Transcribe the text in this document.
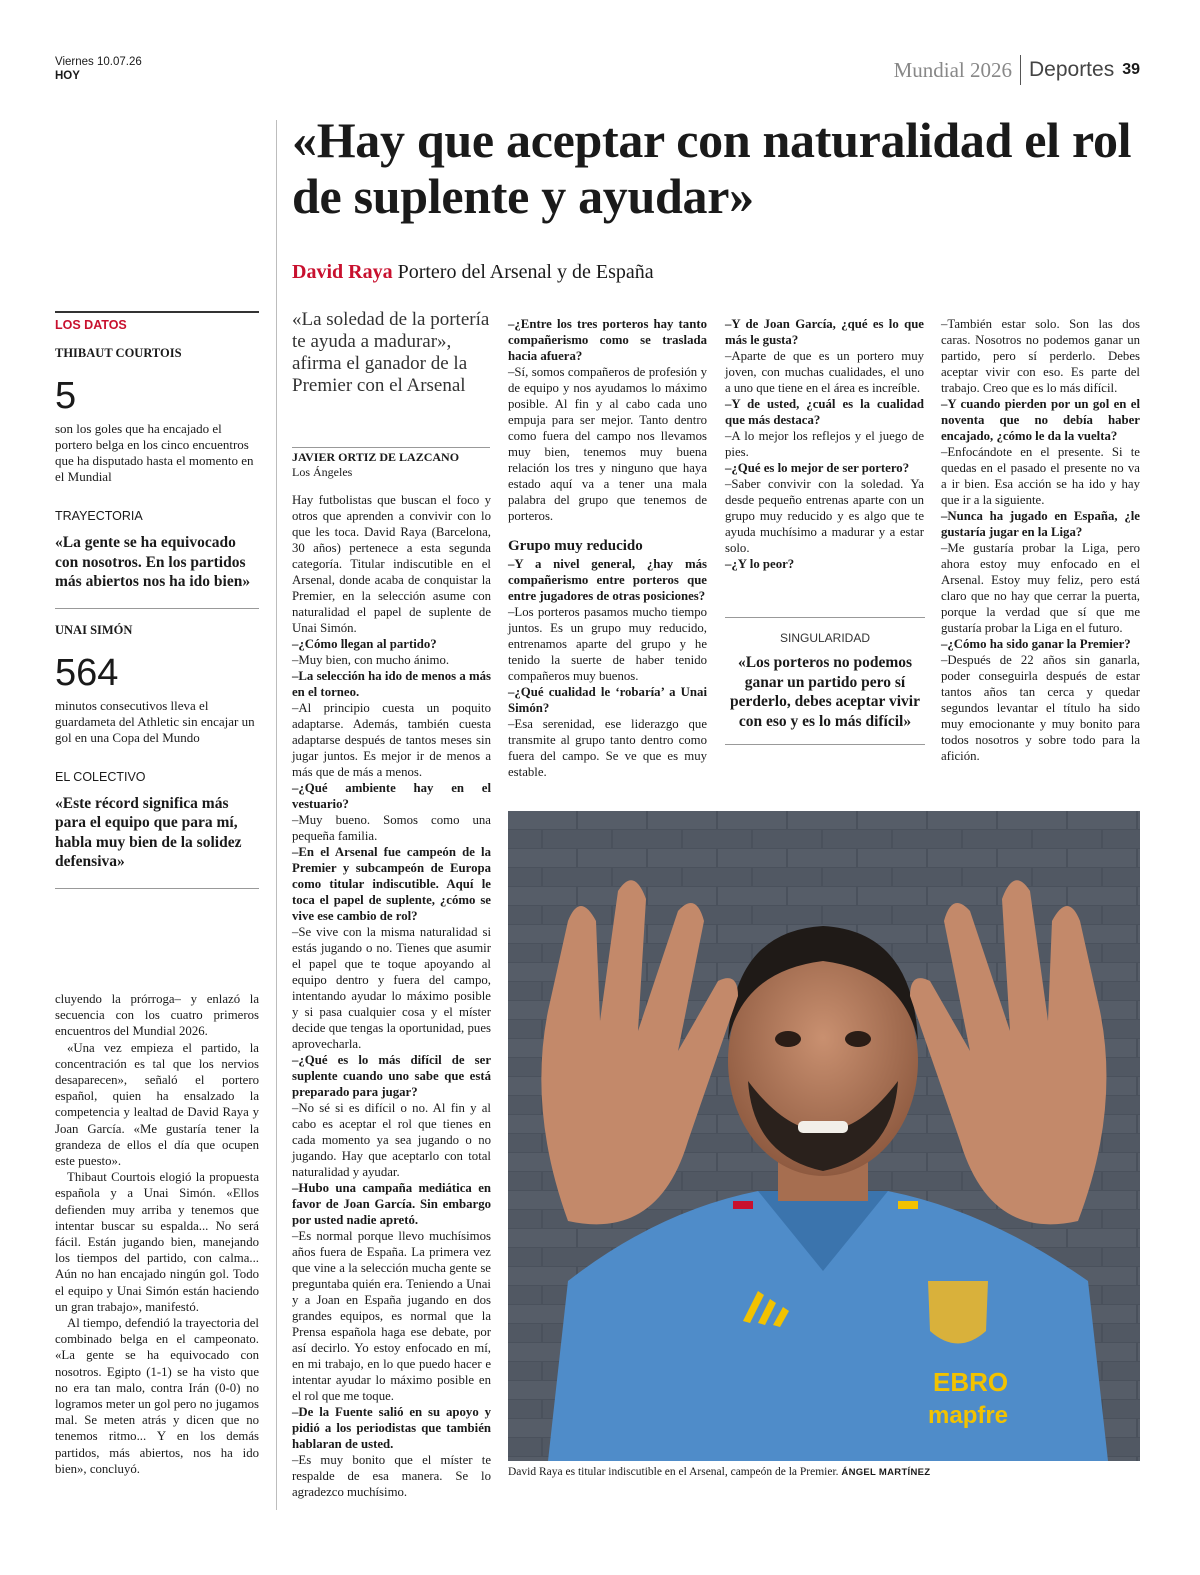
Viernes 10.07.26
HOY	Mundial 2026 Deportes 39
«Hay que aceptar con naturalidad el rol de suplente y ayudar»
David Raya Portero del Arsenal y de España
LOS DATOS
THIBAUT COURTOIS
5
son los goles que ha encajado el portero belga en los cinco encuentros que ha disputado hasta el momento en el Mundial
TRAYECTORIA
«La gente se ha equivocado con nosotros. En los partidos más abiertos nos ha ido bien»
UNAI SIMÓN
564
minutos consecutivos lleva el guardameta del Athletic sin encajar un gol en una Copa del Mundo
EL COLECTIVO
«Este récord significa más para el equipo que para mí, habla muy bien de la solidez defensiva»

cluyendo la prórroga– y enlazó la secuencia con los cuatro primeros encuentros del Mundial 2026.

«Una vez empieza el partido, la concentración es tal que los nervios desaparecen», señaló el portero español, quien ha ensalzado la competencia y lealtad de David Raya y Joan García. «Me gustaría tener la grandeza de ellos el día que ocupen este puesto».

Thibaut Courtois elogió la propuesta española y a Unai Simón. «Ellos defienden muy arriba y tenemos que intentar buscar su espalda... No será fácil. Están jugando bien, manejando los tiempos del partido, con calma... Aún no han encajado ningún gol. Todo el equipo y Unai Simón están haciendo un gran trabajo», manifestó.

Al tiempo, defendió la trayectoria del combinado belga en el campeonato. «La gente se ha equivocado con nosotros. Egipto (1-1) se ha visto que no era tan malo, contra Irán (0-0) no logramos meter un gol pero no jugamos mal. Se meten atrás y dicen que no tenemos ritmo... Y en los demás partidos, más abiertos, nos ha ido bien», concluyó.

«La soledad de la portería te ayuda a madurar», afirma el ganador de la Premier con el Arsenal
JAVIER ORTIZ DE LAZCANO
Los Ángeles

Hay futbolistas que buscan el foco y otros que aprenden a convivir con lo que les toca. David Raya (Barcelona, 30 años) pertenece a esta segunda categoría. Titular indiscutible en el Arsenal, donde acaba de conquistar la Premier, en la selección asume con naturalidad el papel de suplente de Unai Simón.

–¿Cómo llegan al partido?

–Muy bien, con mucho ánimo.

–La selección ha ido de menos a más en el torneo.

–Al principio cuesta un poquito adaptarse. Además, también cuesta adaptarse después de tantos meses sin jugar juntos. Es mejor ir de menos a más que de más a menos.

–¿Qué ambiente hay en el vestuario?

–Muy bueno. Somos como una pequeña familia.

–En el Arsenal fue campeón de la Premier y subcampeón de Europa como titular indiscutible. Aquí le toca el papel de suplente, ¿cómo se vive ese cambio de rol?

–Se vive con la misma naturalidad si estás jugando o no. Tienes que asumir el papel que te toque apoyando al equipo dentro y fuera del campo, intentando ayudar lo máximo posible y si pasa cualquier cosa y el míster decide que tengas la oportunidad, pues aprovecharla.

–¿Qué es lo más difícil de ser suplente cuando uno sabe que está preparado para jugar?

–No sé si es difícil o no. Al fin y al cabo es aceptar el rol que tienes en cada momento ya sea jugando o no jugando. Hay que aceptarlo con total naturalidad y ayudar.

–Hubo una campaña mediática en favor de Joan García. Sin embargo por usted nadie apretó.

–Es normal porque llevo muchísimos años fuera de España. La primera vez que vine a la selección mucha gente se preguntaba quién era. Teniendo a Unai y a Joan en España jugando en dos grandes equipos, es normal que la Prensa española haga ese debate, por así decirlo. Yo estoy enfocado en mí, en mi trabajo, en lo que puedo hacer e intentar ayudar lo máximo posible en el rol que me toque.

–De la Fuente salió en su apoyo y pidió a los periodistas que también hablaran de usted.

–Es muy bonito que el míster te respalde de esa manera. Se lo agradezco muchísimo.

–¿Entre los tres porteros hay tanto compañerismo como se traslada hacia afuera?

–Sí, somos compañeros de profesión y de equipo y nos ayudamos lo máximo posible. Al fin y al cabo cada uno empuja para ser mejor. Tanto dentro como fuera del campo nos llevamos muy bien, tenemos muy buena relación los tres y ninguno que haya estado aquí va a tener una mala palabra del grupo que tenemos de porteros.

Grupo muy reducido

–Y a nivel general, ¿hay más compañerismo entre porteros que entre jugadores de otras posiciones?

–Los porteros pasamos mucho tiempo juntos. Es un grupo muy reducido, entrenamos aparte del grupo y he tenido la suerte de haber tenido compañeros muy buenos.

–¿Qué cualidad le ‘robaría’ a Unai Simón?

–Esa serenidad, ese liderazgo que transmite al grupo tanto dentro como fuera del campo. Se ve que es muy estable.

–Y de Joan García, ¿qué es lo que más le gusta?

–Aparte de que es un portero muy joven, con muchas cualidades, el uno a uno que tiene en el área es increíble.

–Y de usted, ¿cuál es la cualidad que más destaca?

–A lo mejor los reflejos y el juego de pies.

–¿Qué es lo mejor de ser portero?

–Saber convivir con la soledad. Ya desde pequeño entrenas aparte con un grupo muy reducido y es algo que te ayuda muchísimo a madurar y a estar solo.

–¿Y lo peor?

SINGULARIDAD
«Los porteros no podemos ganar un partido pero sí perderlo, debes aceptar vivir con eso y es lo más difícil»

–También estar solo. Son las dos caras. Nosotros no podemos ganar un partido, pero sí perderlo. Debes aceptar vivir con eso. Es parte del trabajo. Creo que es lo más difícil.

–Y cuando pierden por un gol en el noventa que no debía haber encajado, ¿cómo le da la vuelta?

–Enfocándote en el presente. Si te quedas en el pasado el presente no va a ir bien. Esa acción se ha ido y hay que ir a la siguiente.

–Nunca ha jugado en España, ¿le gustaría jugar en la Liga?

–Me gustaría probar la Liga, pero ahora estoy muy enfocado en el Arsenal. Estoy muy feliz, pero está claro que no hay que cerrar la puerta, porque la verdad que sí que me gustaría probar la Liga en el futuro.

–¿Cómo ha sido ganar la Premier?

–Después de 22 años sin ganarla, poder conseguirla después de estar tantos años tan cerca y quedar segundos levantar el título ha sido muy emocionante y muy bonito para todos nosotros y sobre todo para la afición.

EBRO
mapfre
David Raya es titular indiscutible en el Arsenal, campeón de la Premier. ÁNGEL MARTÍNEZ
